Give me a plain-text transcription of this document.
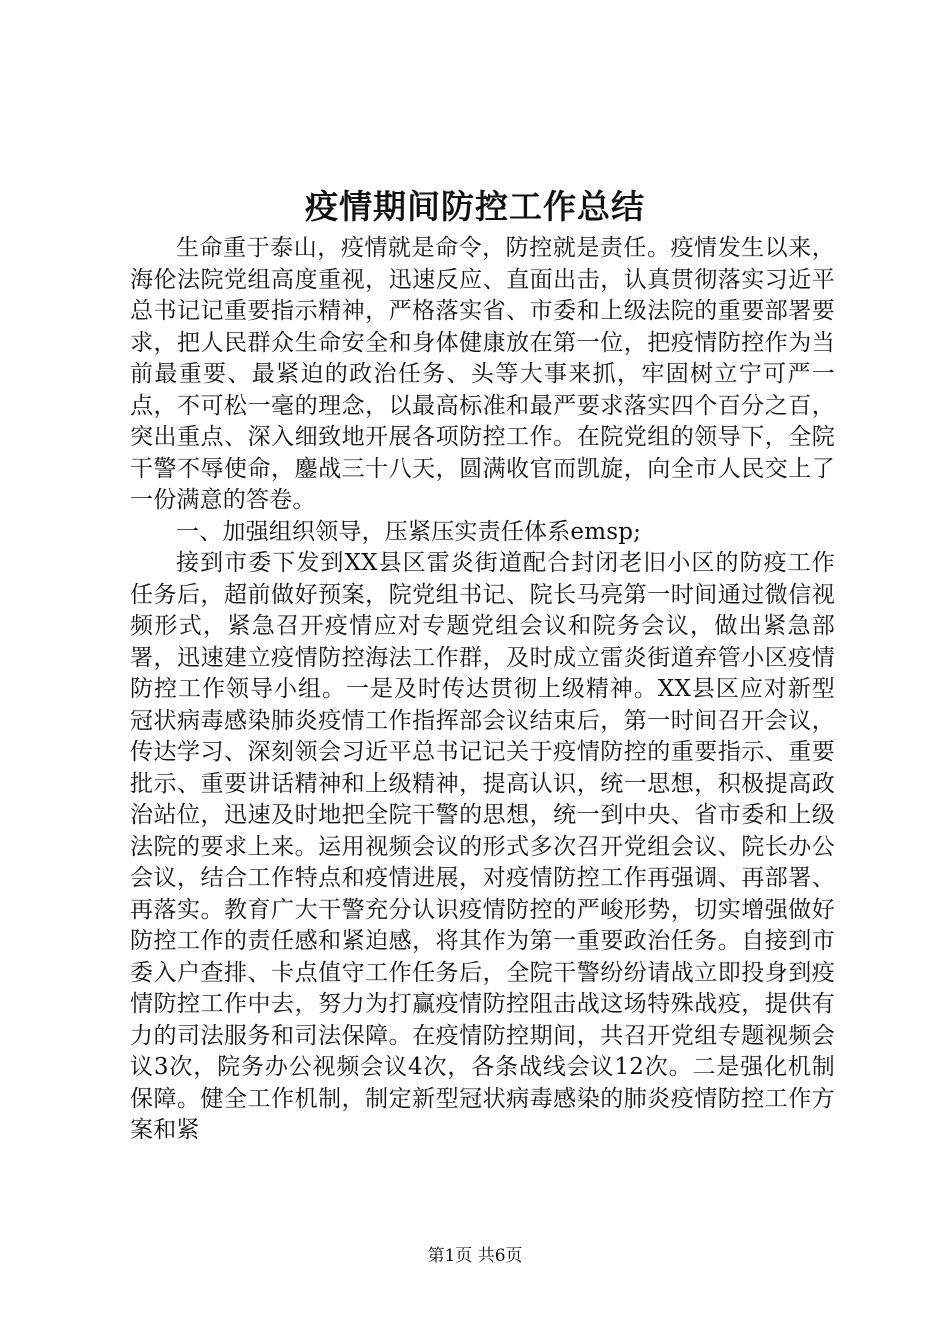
疫情期间防控工作总结

生命重于泰山，疫情就是命令，防控就是责任。疫情发生以来，海伦法院党组高度重视，迅速反应、直面出击，认真贯彻落实习近平总书记记重要指示精神，严格落实省、市委和上级法院的重要部署要求，把人民群众生命安全和身体健康放在第一位，把疫情防控作为当前最重要、最紧迫的政治任务、头等大事来抓，牢固树立宁可严一点，不可松一毫的理念，以最高标准和最严要求落实四个百分之百，突出重点、深入细致地开展各项防控工作。在院党组的领导下，全院干警不辱使命，鏖战三十八天，圆满收官而凯旋，向全市人民交上了一份满意的答卷。

一、加强组织领导，压紧压实责任体系emsp;

接到市委下发到XX县区雷炎街道配合封闭老旧小区的防疫工作任务后，超前做好预案，院党组书记、院长马亮第一时间通过微信视频形式，紧急召开疫情应对专题党组会议和院务会议，做出紧急部署，迅速建立疫情防控海法工作群，及时成立雷炎街道弃管小区疫情防控工作领导小组。一是及时传达贯彻上级精神。XX县区应对新型冠状病毒感染肺炎疫情工作指挥部会议结束后，第一时间召开会议，传达学习、深刻领会习近平总书记记关于疫情防控的重要指示、重要批示、重要讲话精神和上级精神，提高认识，统一思想，积极提高政治站位，迅速及时地把全院干警的思想，统一到中央、省市委和上级法院的要求上来。运用视频会议的形式多次召开党组会议、院长办公会议，结合工作特点和疫情进展，对疫情防控工作再强调、再部署、再落实。教育广大干警充分认识疫情防控的严峻形势，切实增强做好防控工作的责任感和紧迫感，将其作为第一重要政治任务。自接到市委入户查排、卡点值守工作任务后，全院干警纷纷请战立即投身到疫情防控工作中去，努力为打赢疫情防控阻击战这场特殊战疫，提供有力的司法服务和司法保障。在疫情防控期间，共召开党组专题视频会议3次，院务办公视频会议4次，各条战线会议12次。二是强化机制保障。健全工作机制，制定新型冠状病毒感染的肺炎疫情防控工作方案和紧

第1页 共6页
